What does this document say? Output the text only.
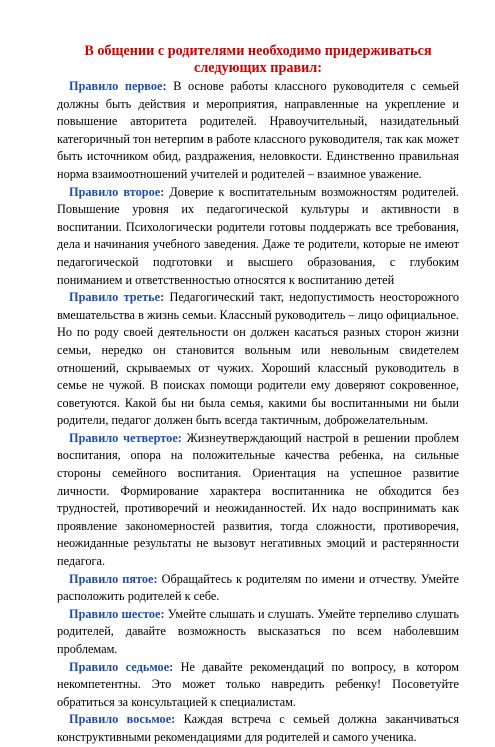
В общении с родителями необходимо придерживаться
следующих правил:

Правило первое: В основе работы классного руководителя с семьей должны быть действия и мероприятия, направленные на укрепление и повышение авторитета родителей. Нравоучительный, назидательный категоричный тон нетерпим в работе классного руководителя, так как может быть источником обид, раздражения, неловкости. Единственно правильная норма взаимоотношений учителей и родителей – взаимное уважение.

Правило второе: Доверие к воспитательным возможностям родителей. Повышение уровня их педагогической культуры и активности в воспитании. Психологически родители готовы поддержать все требования, дела и начинания учебного заведения. Даже те родители, которые не имеют педагогической подготовки и высшего образования, с глубоким пониманием и ответственностью относятся к воспитанию детей

Правило третье: Педагогический такт, недопустимость неосторожного вмешательства в жизнь семьи. Классный руководитель – лицо официальное. Но по роду своей деятельности он должен касаться разных сторон жизни семьи, нередко он становится вольным или невольным свидетелем отношений, скрываемых от чужих. Хороший классный руководитель в семье не чужой. В поисках помощи родители ему доверяют сокровенное, советуются. Какой бы ни была семья, какими бы воспитанными ни были родители, педагог должен быть всегда тактичным, доброжелательным.

Правило четвертое: Жизнеутверждающий настрой в решении проблем воспитания, опора на положительные качества ребенка, на сильные стороны семейного воспитания. Ориентация на успешное развитие личности. Формирование характера воспитанника не обходится без трудностей, противоречий и неожиданностей. Их надо воспринимать как проявление закономерностей развития, тогда сложности, противоречия, неожиданные результаты не вызовут негативных эмоций и растерянности педагога.

Правило пятое: Обращайтесь к родителям по имени и отчеству. Умейте расположить родителей к себе.

Правило шестое: Умейте слышать и слушать. Умейте терпеливо слушать родителей, давайте возможность высказаться по всем наболевшим проблемам.

Правило седьмое: Не давайте рекомендаций по вопросу, в котором некомпетентны. Это может только навредить ребенку! Посоветуйте обратиться за консультацией к специалистам.

Правило восьмое: Каждая встреча с семьей должна заканчиваться конструктивными рекомендациями для родителей и самого ученика.
